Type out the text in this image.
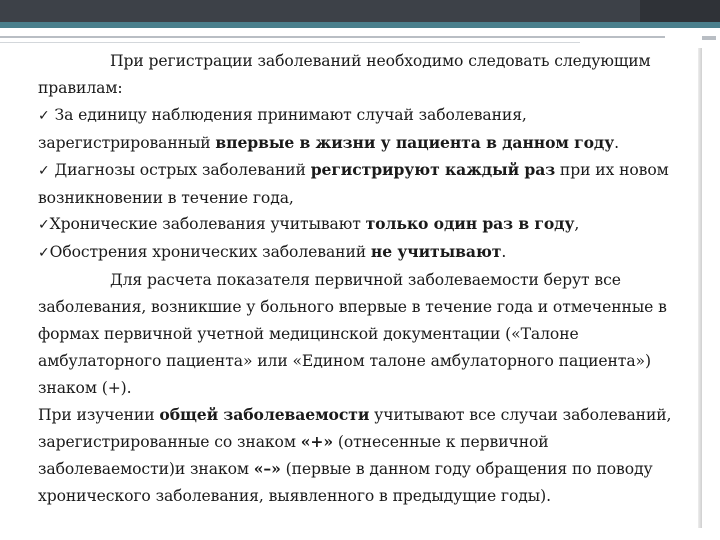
При регистрации заболеваний необходимо следовать следующим правилам:

✓ За единицу наблюдения принимают случай заболевания, зарегистрированный впервые в жизни у пациента в данном году.

✓ Диагнозы острых заболеваний регистрируют каждый раз при их новом возникновении в течение года,

✓Хронические заболевания учитывают только один раз в году,

✓Обострения хронических заболеваний не учитывают.

Для расчета показателя первичной заболеваемости берут все заболевания, возникшие у больного впервые в течение года и отмеченные в формах первичной учетной медицинской документации («Талоне амбулаторного пациента» или «Едином талоне амбулаторного пациента») знаком (+).

При изучении общей заболеваемости учитывают все случаи заболеваний, зарегистрированные со знаком «+» (отнесенные к первичной заболеваемости)и знаком «–» (первые в данном году обращения по поводу хронического заболевания, выявленного в предыдущие годы).
